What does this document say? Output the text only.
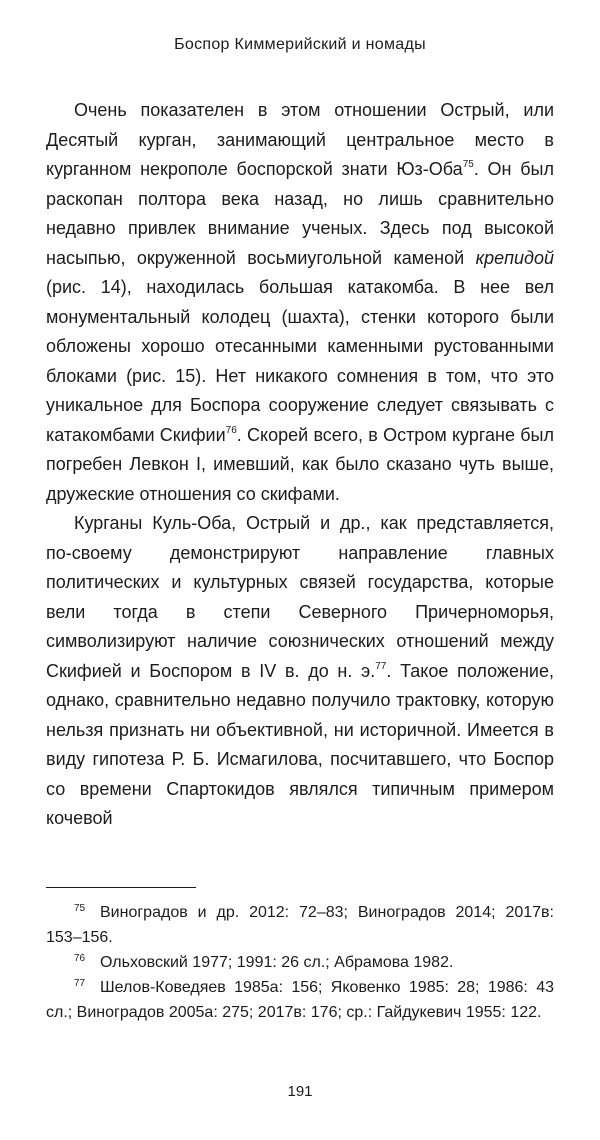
Боспор Киммерийский и номады

Очень показателен в этом отношении Острый, или Десятый курган, занимающий центральное место в курганном некрополе боспорской знати Юз-Оба$^{75}$. Он был раскопан полтора века назад, но лишь сравнительно недавно привлек внимание ученых. Здесь под высокой насыпью, окруженной восьмиугольной каменой крепидой (рис. 14), находилась большая катакомба. В нее вел монументальный колодец (шахта), стенки которого были обложены хорошо отесанными каменными рустованными блоками (рис. 15). Нет никакого сомнения в том, что это уникальное для Боспора сооружение следует связывать с катакомбами Скифии$^{76}$. Скорей всего, в Остром кургане был погребен Левкон I, имевший, как было сказано чуть выше, дружеские отношения со скифами.

Курганы Куль-Оба, Острый и др., как представляется, по-своему демонстрируют направление главных политических и культурных связей государства, которые вели тогда в степи Северного Причерноморья, символизируют наличие союзнических отношений между Скифией и Боспором в IV в. до н. э.$^{77}$. Такое положение, однако, сравнительно недавно получило трактовку, которую нельзя признать ни объективной, ни историчной. Имеется в виду гипотеза Р. Б. Исмагилова, посчитавшего, что Боспор со времени Спартокидов являлся типичным примером кочевой

75 Виноградов и др. 2012: 72–83; Виноградов 2014; 2017в: 153–156.

76 Ольховский 1977; 1991: 26 сл.; Абрамова 1982.

77 Шелов-Коведяев 1985а: 156; Яковенко 1985: 28; 1986: 43 сл.; Виноградов 2005а: 275; 2017в: 176; ср.: Гайдукевич 1955: 122.

191
